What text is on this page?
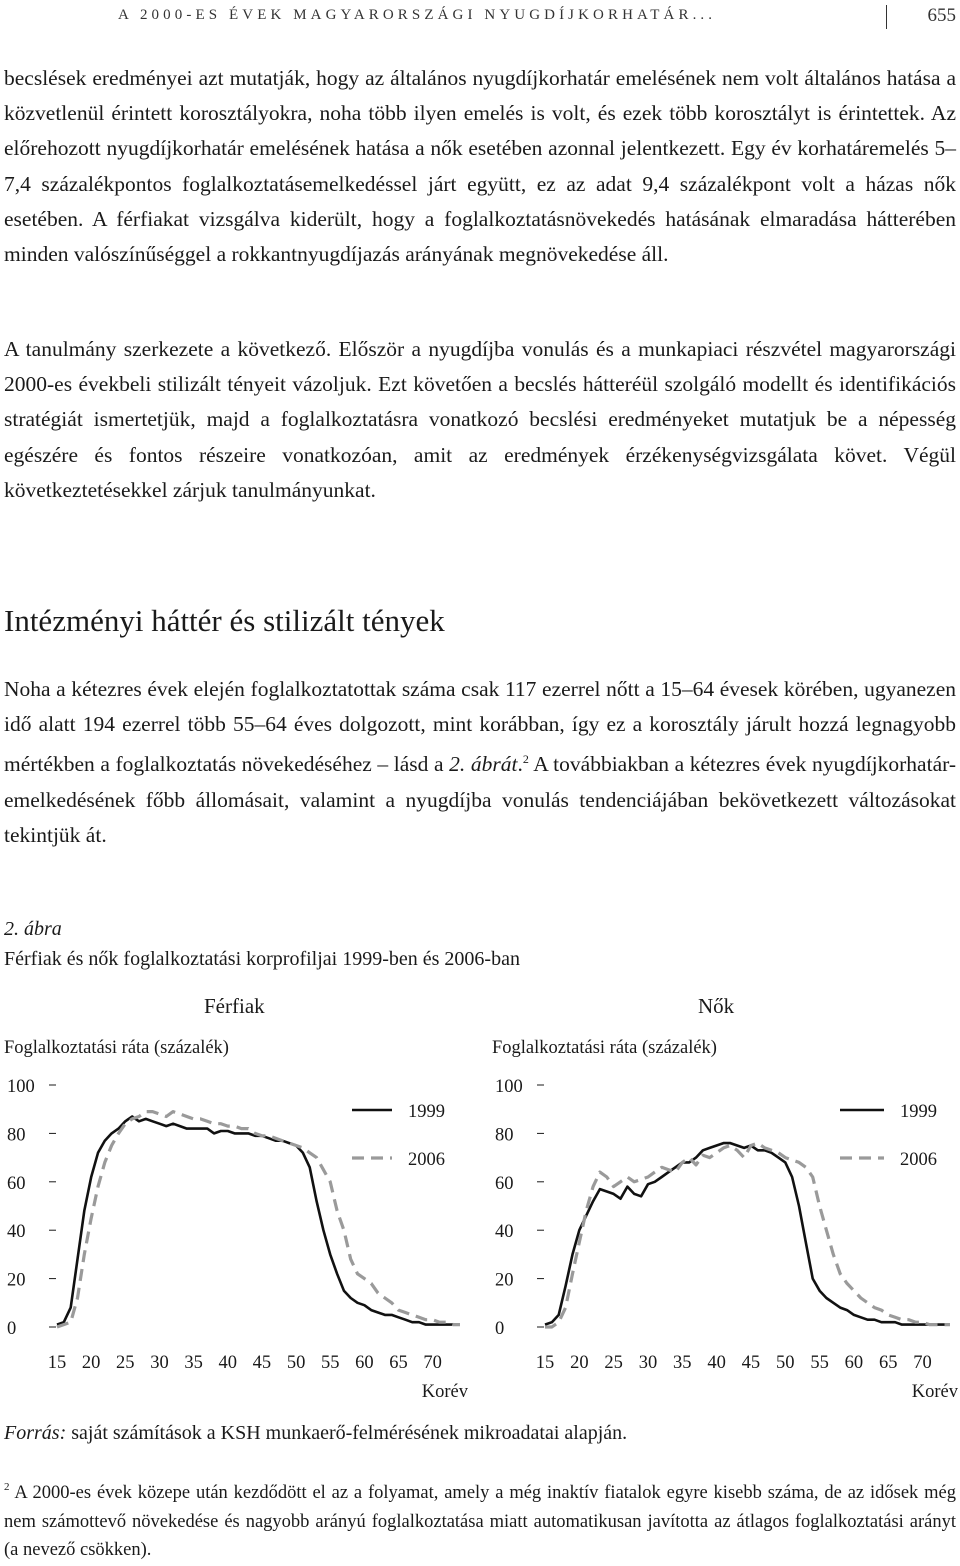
A 2000-ES ÉVEK MAGYARORSZÁGI NYUGDÍJKORHATÁR...	655

becslések eredményei azt mutatják, hogy az általános nyugdíjkorhatár emelésének nem volt általános hatása a közvetlenül érintett korosztályokra, noha több ilyen emelés is volt, és ezek több korosztályt is érintettek. Az előrehozott nyugdíjkorhatár emelésének hatása a nők esetében azonnal jelentkezett. Egy év korhatáremelés 5–7,4 százalékpontos foglalkoztatásemelkedéssel járt együtt, ez az adat 9,4 százalékpont volt a házas nők esetében. A férfiakat vizsgálva kiderült, hogy a foglalkoztatásnövekedés hatásának elmaradása hátterében minden valószínűséggel a rokkantnyugdíjazás arányának megnövekedése áll.

A tanulmány szerkezete a következő. Először a nyugdíjba vonulás és a munkapiaci részvétel magyarországi 2000-es évekbeli stilizált tényeit vázoljuk. Ezt követően a becslés hátteréül szolgáló modellt és identifikációs stratégiát ismertetjük, majd a foglalkoztatásra vonatkozó becslési eredményeket mutatjuk be a népesség egészére és fontos részeire vonatkozóan, amit az eredmények érzékenységvizsgálata követ. Végül következtetésekkel zárjuk tanulmányunkat.

Intézményi háttér és stilizált tények

Noha a kétezres évek elején foglalkoztatottak száma csak 117 ezerrel nőtt a 15–64 évesek körében, ugyanezen idő alatt 194 ezerrel több 55–64 éves dolgozott, mint korábban, így ez a korosztály járult hozzá legnagyobb mértékben a foglalkoztatás növekedéséhez – lásd a 2. ábrát.$^2$ A továbbiakban a kétezres évek nyugdíjkorhatár-emelkedésének főbb állomásait, valamint a nyugdíjba vonulás tendenciájában bekövetkezett változásokat tekintjük át.

2. ábra
Férfiak és nők foglalkoztatási korprofiljai 1999-ben és 2006-ban
Férfiak	Nők
Foglalkoztatási ráta (százalék)	Foglalkoztatási ráta (százalék)
0
20
40
60
80
100
15 20 25 30 35 40 45 50 55 60 65 70
Korév
1999
2006
0
20
40
60
80
100
15 20 25 30 35 40 45 50 55 60 65 70
Korév
1999
2006
Forrás: saját számítások a KSH munkaerő-felmérésének mikroadatai alapján.

$^2$ A 2000-es évek közepe után kezdődött el az a folyamat, amely a még inaktív fiatalok egyre kisebb száma, de az idősek még nem számottevő növekedése és nagyobb arányú foglalkoztatása miatt automatikusan javította az átlagos foglalkoztatási arányt (a nevező csökken).
